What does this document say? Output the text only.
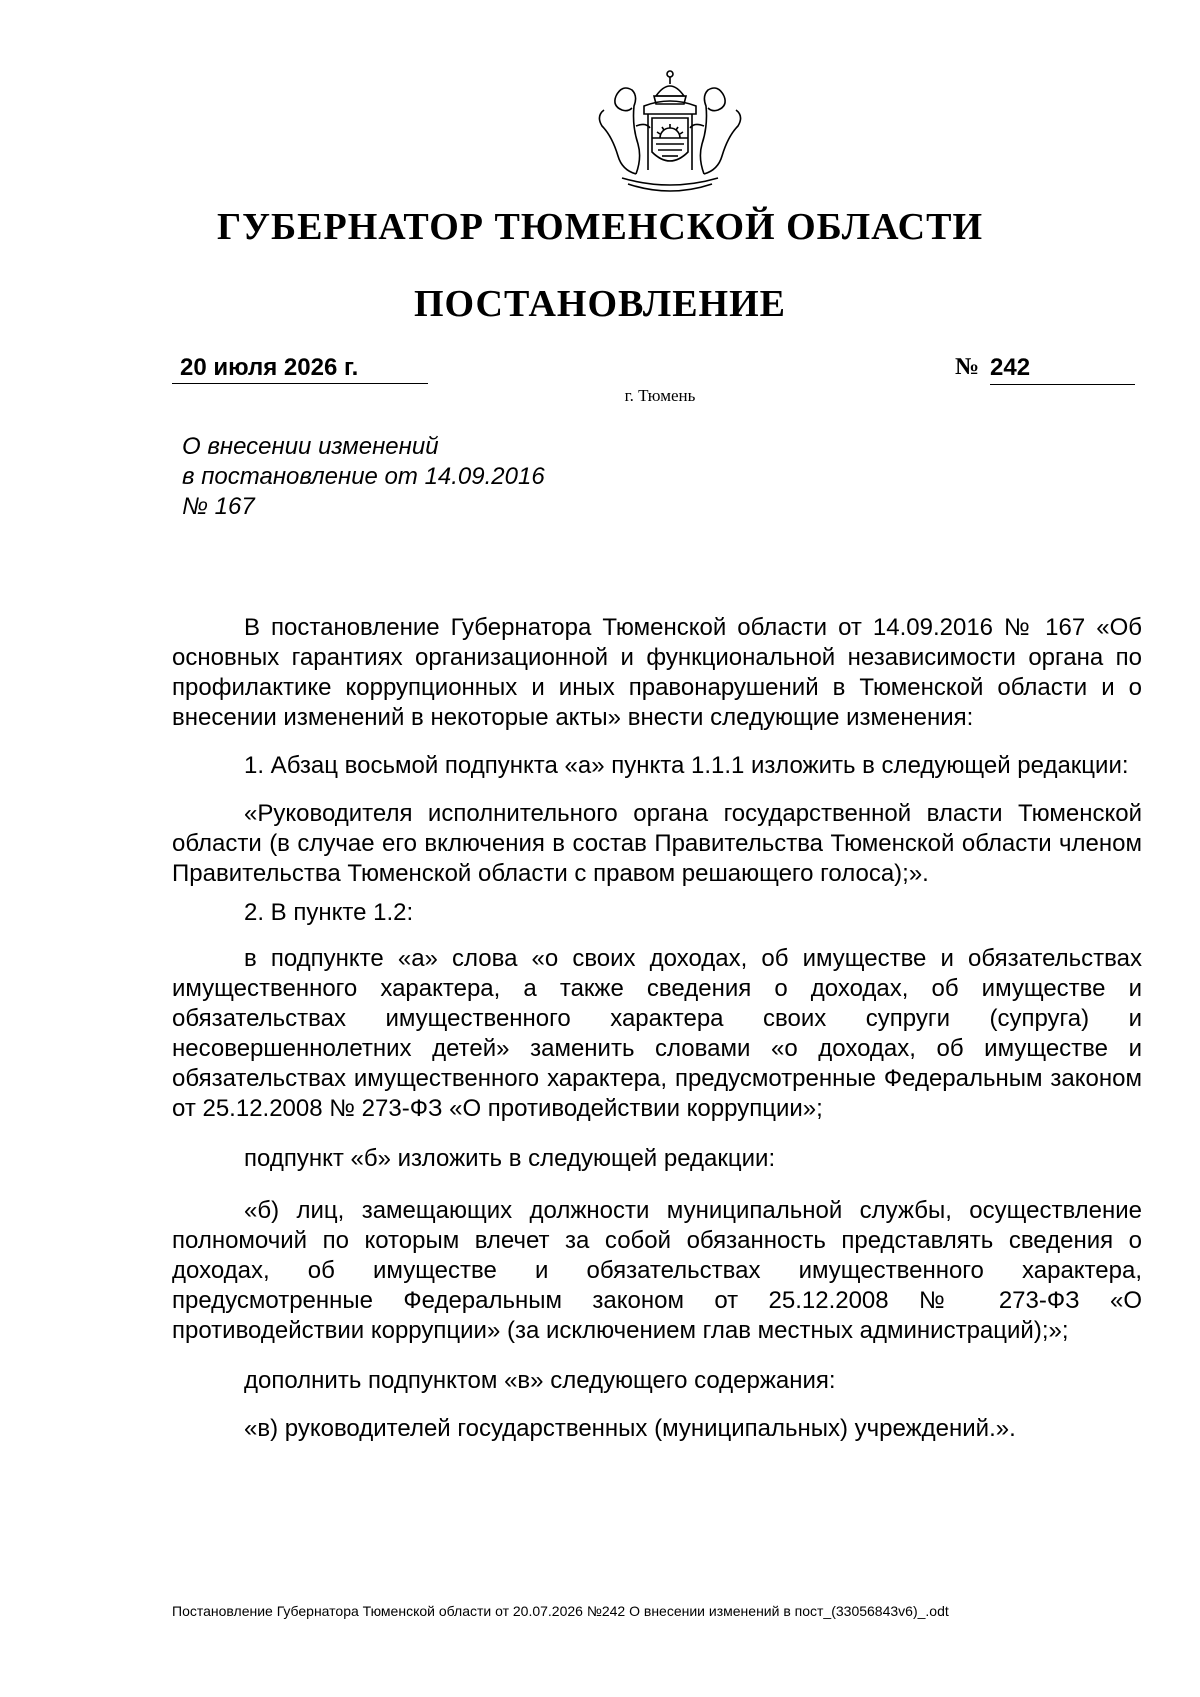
ГУБЕРНАТОР ТЮМЕНСКОЙ ОБЛАСТИ
ПОСТАНОВЛЕНИЕ
20 июля 2026 г.	№ 242
г. Тюмень
О внесении изменений
в постановление от 14.09.2016
№ 167

В постановление Губернатора Тюменской области от 14.09.2016 № 167 «Об основных гарантиях организационной и функциональной независимости органа по профилактике коррупционных и иных правонарушений в Тюменской области и о внесении изменений в некоторые акты» внести следующие изменения:

1. Абзац восьмой подпункта «а» пункта 1.1.1 изложить в следующей редакции:

«Руководителя исполнительного органа государственной власти Тюменской области (в случае его включения в состав Правительства Тюменской области членом Правительства Тюменской области с правом решающего голоса);».

2. В пункте 1.2:

в подпункте «а» слова «о своих доходах, об имуществе и обязательствах имущественного характера, а также сведения о доходах, об имуществе и обязательствах имущественного характера своих супруги (супруга) и несовершеннолетних детей» заменить словами «о доходах, об имуществе и обязательствах имущественного характера, предусмотренные Федеральным законом от 25.12.2008 № 273-ФЗ «О противодействии коррупции»;

подпункт «б» изложить в следующей редакции:

«б) лиц, замещающих должности муниципальной службы, осуществление полномочий по которым влечет за собой обязанность представлять сведения о доходах, об имуществе и обязательствах имущественного характера, предусмотренные Федеральным законом от 25.12.2008 № 273-ФЗ «О противодействии коррупции» (за исключением глав местных администраций);»;

дополнить подпунктом «в» следующего содержания:

«в) руководителей государственных (муниципальных) учреждений.».

Постановление Губернатора Тюменской области от 20.07.2026 №242 О внесении изменений в пост_(33056843v6)_.odt
